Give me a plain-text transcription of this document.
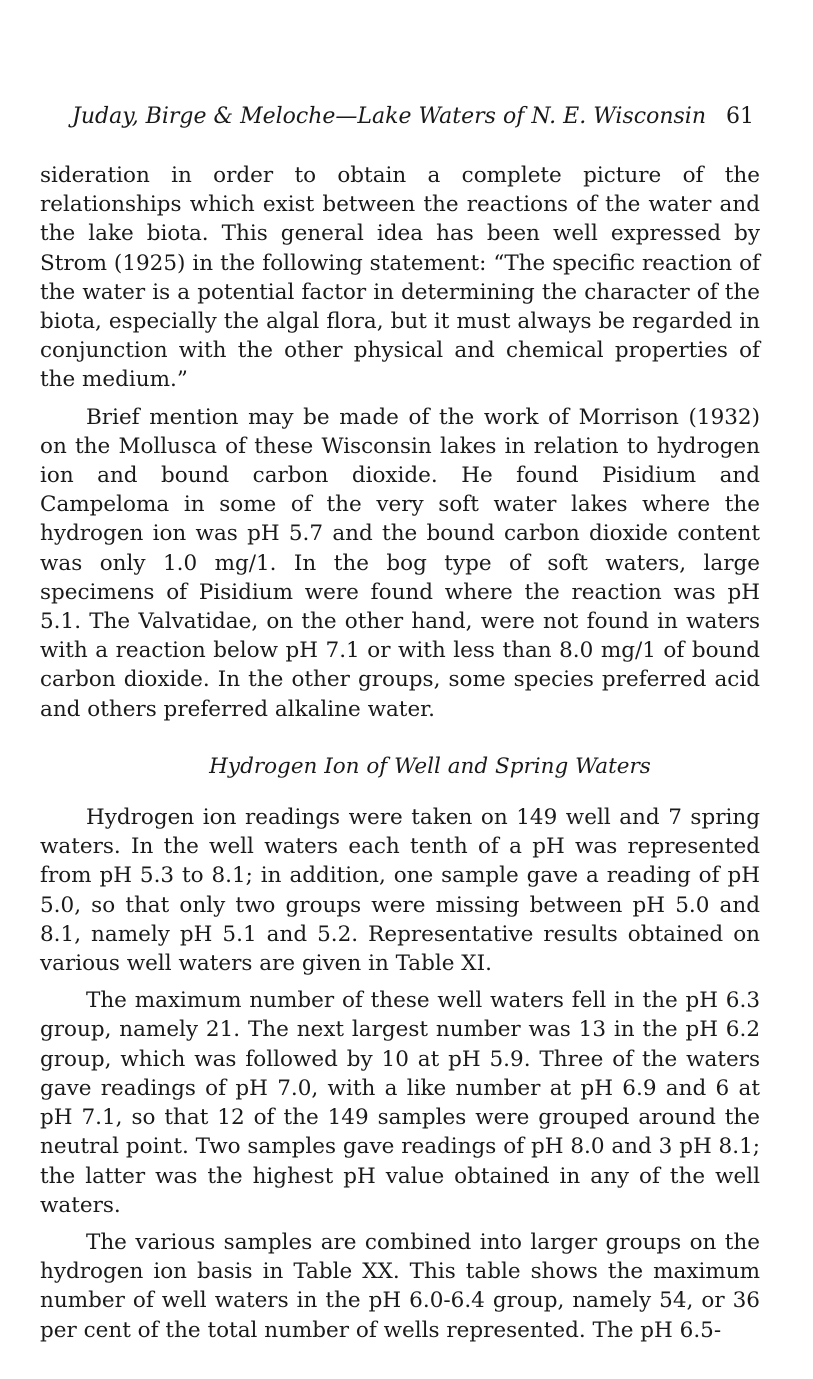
Juday, Birge & Meloche—Lake Waters of N. E. Wisconsin 61

sideration in order to obtain a complete picture of the relationships which exist between the reactions of the water and the lake biota. This general idea has been well expressed by Strom (1925) in the following statement: “The specific reaction of the water is a potential factor in determining the character of the biota, especially the algal flora, but it must always be regarded in conjunction with the other physical and chemical properties of the medium.”

Brief mention may be made of the work of Morrison (1932) on the Mollusca of these Wisconsin lakes in relation to hydrogen ion and bound carbon dioxide. He found Pisidium and Campeloma in some of the very soft water lakes where the hydrogen ion was pH 5.7 and the bound carbon dioxide content was only 1.0 mg/1. In the bog type of soft waters, large specimens of Pisidium were found where the reaction was pH 5.1. The Valvatidae, on the other hand, were not found in waters with a reaction below pH 7.1 or with less than 8.0 mg/1 of bound carbon dioxide. In the other groups, some species preferred acid and others preferred alkaline water.

Hydrogen Ion of Well and Spring Waters

Hydrogen ion readings were taken on 149 well and 7 spring waters. In the well waters each tenth of a pH was represented from pH 5.3 to 8.1; in addition, one sample gave a reading of pH 5.0, so that only two groups were missing between pH 5.0 and 8.1, namely pH 5.1 and 5.2. Representative results obtained on various well waters are given in Table XI.

The maximum number of these well waters fell in the pH 6.3 group, namely 21. The next largest number was 13 in the pH 6.2 group, which was followed by 10 at pH 5.9. Three of the waters gave readings of pH 7.0, with a like number at pH 6.9 and 6 at pH 7.1, so that 12 of the 149 samples were grouped around the neutral point. Two samples gave readings of pH 8.0 and 3 pH 8.1; the latter was the highest pH value obtained in any of the well waters.

The various samples are combined into larger groups on the hydrogen ion basis in Table XX. This table shows the maximum number of well waters in the pH 6.0-6.4 group, namely 54, or 36 per cent of the total number of wells represented. The pH 6.5-
